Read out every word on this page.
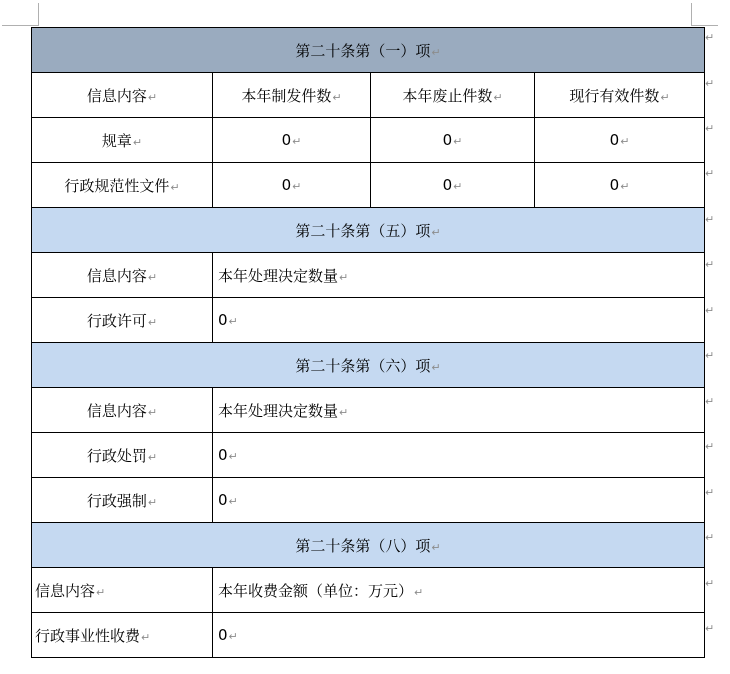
第二十条第（一）项↵			
信息内容↵	本年制发件数↵	本年废止件数↵	现行有效件数↵
规章↵	0↵	0↵	0↵
行政规范性文件↵	0↵	0↵	0↵
第二十条第（五）项↵			
信息内容↵	本年处理决定数量↵		
行政许可↵	0↵		
第二十条第（六）项↵			
信息内容↵	本年处理决定数量↵		
行政处罚↵	0↵		
行政强制↵	0↵		
第二十条第（八）项↵			
信息内容↵	本年收费金额（单位：万元）↵		
行政事业性收费↵	0↵		
↵
↵
↵
↵
↵
↵
↵
↵
↵
↵
↵
↵
↵
↵
